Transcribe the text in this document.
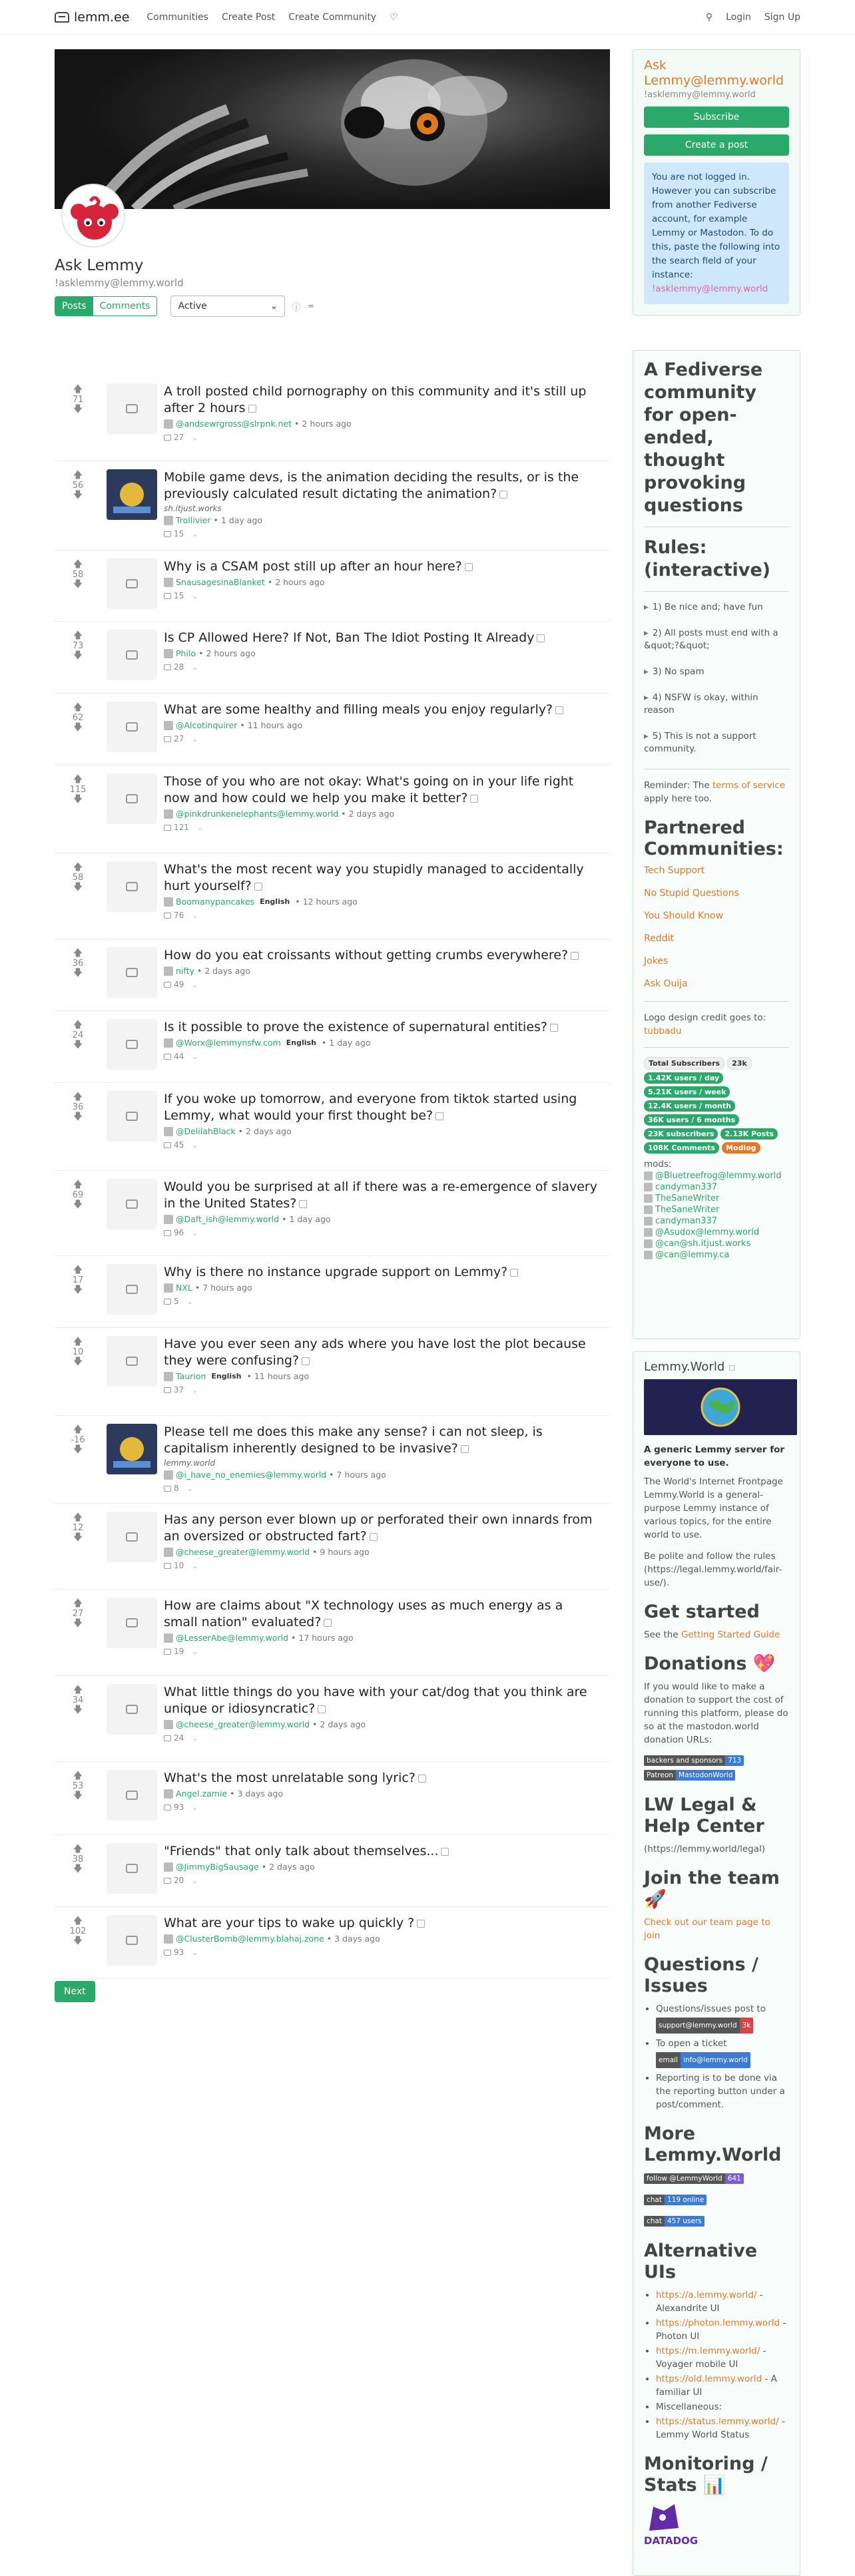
lemm.ee Communities Create Post Create Community ♡	⚲ Login Sign Up
Ask Lemmy
!asklemmy@lemmy.world
Posts	Comments	Active	⌄ ⓘ ≖
🡅
71
🡇
A troll posted child pornography on this community and it's still up after 2 hours
@andsewrgross@slrpnk.net • 2 hours ago
27 ⌄
🡅
56
🡇
Mobile game devs, is the animation deciding the results, or is the previously calculated result dictating the animation?
sh.itjust.works
Trollivier • 1 day ago
15 ⌄
🡅
58
🡇
Why is a CSAM post still up after an hour here?
SnausagesinaBlanket • 2 hours ago
15 ⌄
🡅
73
🡇
Is CP Allowed Here? If Not, Ban The Idiot Posting It Already
Philo • 2 hours ago
28 ⌄
🡅
62
🡇
What are some healthy and filling meals you enjoy regularly?
@Alcotinquirer • 11 hours ago
27 ⌄
🡅
115
🡇
Those of you who are not okay: What's going on in your life right now and how could we help you make it better?
@pinkdrunkenelephants@lemmy.world • 2 days ago
121 ⌄
🡅
58
🡇
What's the most recent way you stupidly managed to accidentally hurt yourself?
Boomanypancakes English • 12 hours ago
76 ⌄
🡅
36
🡇
How do you eat croissants without getting crumbs everywhere?
nifty • 2 days ago
49 ⌄
🡅
24
🡇
Is it possible to prove the existence of supernatural entities?
@Worx@lemmynsfw.com English • 1 day ago
44 ⌄
🡅
36
🡇
If you woke up tomorrow, and everyone from tiktok started using Lemmy, what would your first thought be?
@DelilahBlack • 2 days ago
45 ⌄
🡅
69
🡇
Would you be surprised at all if there was a re-emergence of slavery in the United States?
@Daft_ish@lemmy.world • 1 day ago
96 ⌄
🡅
17
🡇
Why is there no instance upgrade support on Lemmy?
NXL • 7 hours ago
5 ⌄
🡅
10
🡇
Have you ever seen any ads where you have lost the plot because they were confusing?
Taurion English • 11 hours ago
37 ⌄
🡅
-16
🡇
Please tell me does this make any sense? i can not sleep, is capitalism inherently designed to be invasive?
lemmy.world
@i_have_no_enemies@lemmy.world • 7 hours ago
8 ⌄
🡅
12
🡇
Has any person ever blown up or perforated their own innards from an oversized or obstructed fart?
@cheese_greater@lemmy.world • 9 hours ago
10 ⌄
🡅
27
🡇
How are claims about "X technology uses as much energy as a small nation" evaluated?
@LesserAbe@lemmy.world • 17 hours ago
19 ⌄
🡅
34
🡇
What little things do you have with your cat/dog that you think are unique or idiosyncratic?
@cheese_greater@lemmy.world • 2 days ago
24 ⌄
🡅
53
🡇
What's the most unrelatable song lyric?
Angel.zamie • 3 days ago
93 ⌄
🡅
38
🡇
"Friends" that only talk about themselves...
@JimmyBigSausage • 2 days ago
20 ⌄
🡅
102
🡇
What are your tips to wake up quickly ?
@ClusterBomb@lemmy.blahaj.zone • 3 days ago
93 ⌄
Next
Ask Lemmy@lemmy.world
!asklemmy@lemmy.world
Subscribe
Create a post
You are not logged in. However you can subscribe from another Fediverse account, for example Lemmy or Mastodon. To do this, paste the following into the search field of your instance:
!asklemmy@lemmy.world
A Fediverse community for open-ended, thought provoking questions
Rules: (interactive)
▸ 1) Be nice and; have fun
▸ 2) All posts must end with a &quot;?&quot;
▸ 3) No spam
▸ 4) NSFW is okay, within reason
▸ 5) This is not a support community.
Reminder: The terms of service apply here too.
Partnered Communities:
Tech Support
No Stupid Questions
You Should Know
Reddit
Jokes
Ask Ouija
Logo design credit goes to:
tubbadu
Total Subscribers	23k
1.42K users / day
5.21K users / week
12.4K users / month
36K users / 6 months
23K subscribers	2.13K Posts
108K Comments	Modlog
mods:
@Bluetreefrog@lemmy.world
candyman337
TheSaneWriter
TheSaneWriter
candyman337
@Asudox@lemmy.world
@can@sh.itjust.works
@can@lemmy.ca
Lemmy.World ☐
A generic Lemmy server for everyone to use.
The World's Internet Frontpage Lemmy.World is a general-purpose Lemmy instance of various topics, for the entire world to use.
Be polite and follow the rules (https://legal.lemmy.world/fair-use/).
Get started
See the Getting Started Guide
Donations 💖
If you would like to make a donation to support the cost of running this platform, please do so at the mastodon.world donation URLs:
backers and sponsors 713
Patreon MastodonWorld
LW Legal & Help Center
(https://lemmy.world/legal)
Join the team 🚀
Check out our team page to join
Questions / Issues
• Questions/issues post to

support@lemmy.world 3k
• To open a ticket

email info@lemmy.world
• Reporting is to be done via the reporting button under a post/comment.
More Lemmy.World
follow @LemmyWorld 641
chat 119 online
chat 457 users
Alternative UIs
• https://a.lemmy.world/ - Alexandrite UI
• https://photon.lemmy.world - Photon UI
• https://m.lemmy.world/ - Voyager mobile UI
• https://old.lemmy.world - A familiar UI
• Miscellaneous:
• https://status.lemmy.world/ - Lemmy World Status
Monitoring / Stats 📊
DATADOG
